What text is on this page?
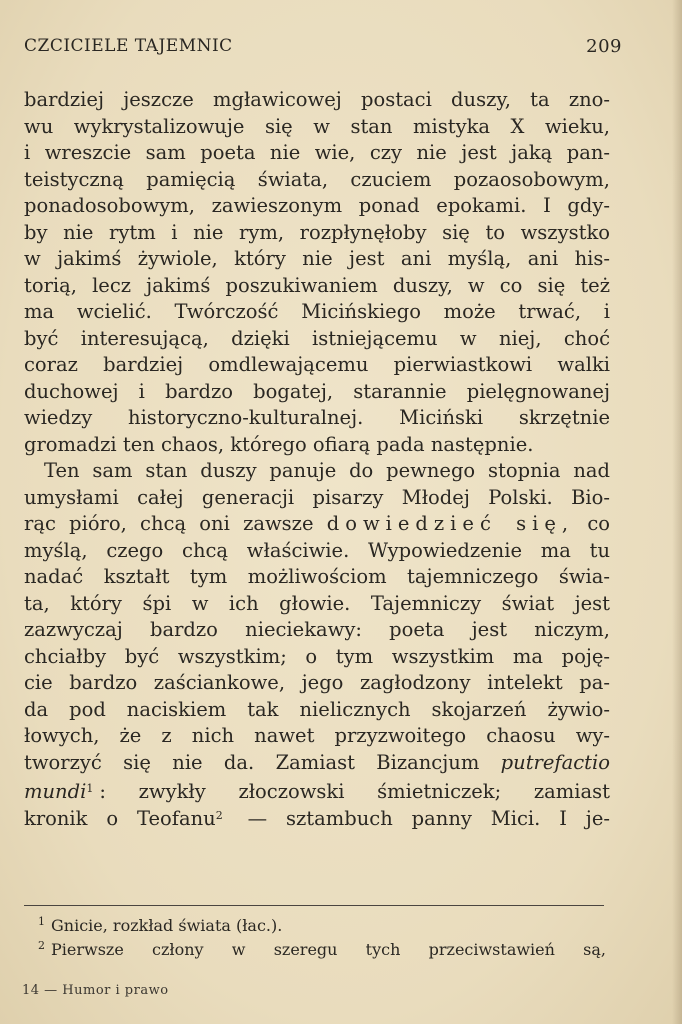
CZCICIELE TAJEMNIC	209
bardziej jeszcze mgławicowej postaci duszy, ta zno-
wu wykrystalizowuje się w stan mistyka X wieku,
i wreszcie sam poeta nie wie, czy nie jest jaką pan-
teistyczną pamięcią świata, czuciem pozaosobowym,
ponadosobowym, zawieszonym ponad epokami. I gdy-
by nie rytm i nie rym, rozpłynęłoby się to wszystko
w jakimś żywiole, który nie jest ani myślą, ani his-
torią, lecz jakimś poszukiwaniem duszy, w co się też
ma wcielić. Twórczość Micińskiego może trwać, i
być interesującą, dzięki istniejącemu w niej, choć
coraz bardziej omdlewającemu pierwiastkowi walki
duchowej i bardzo bogatej, starannie pielęgnowanej
wiedzy historyczno-kulturalnej. Miciński skrzętnie
gromadzi ten chaos, którego ofiarą pada następnie.
Ten sam stan duszy panuje do pewnego stopnia nad
umysłami całej generacji pisarzy Młodej Polski. Bio-
rąc pióro, chcą oni zawsze dowiedzieć się, co
myślą, czego chcą właściwie. Wypowiedzenie ma tu
nadać kształt tym możliwościom tajemniczego świa-
ta, który śpi w ich głowie. Tajemniczy świat jest
zazwyczaj bardzo nieciekawy: poeta jest niczym,
chciałby być wszystkim; o tym wszystkim ma poję-
cie bardzo zaściankowe, jego zagłodzony intelekt pa-
da pod naciskiem tak nielicznych skojarzeń żywio-
łowych, że z nich nawet przyzwoitego chaosu wy-
tworzyć się nie da. Zamiast Bizancjum putrefactio
mundi$^1$ : zwykły złoczowski śmietniczek; zamiast
kronik o Teofanu$^2$ — sztambuch panny Mici. I je-
$^1$ Gnicie, rozkład świata (łac.).
$^2$ Pierwsze człony w szeregu tych przeciwstawień są,
14 — Humor i prawo
